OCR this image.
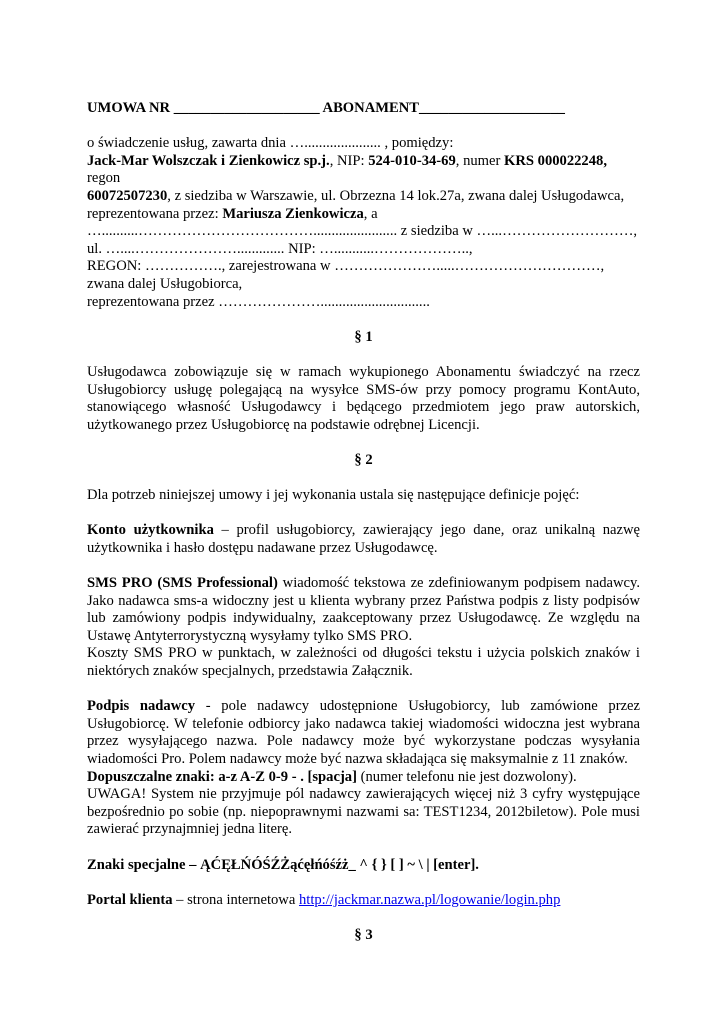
UMOWA NR ____________________ ABONAMENT____________________

o świadczenie usług, zawarta dnia …..................... , pomiędzy:

Jack-Mar Wolszczak i Zienkowicz sp.j., NIP: 524-010-34-69, numer KRS 000022248,

regon

60072507230, z siedziba w Warszawie, ul. Obrzezna 14 lok.27a, zwana dalej Usługodawca,

reprezentowana przez: Mariusza Zienkowicza, a

…..........………………………………....................... z siedziba w …...………………………,

ul. …....…………………............. NIP: …...........………………..,

REGON: ……………., zarejestrowana w ………………….....…………………………,

zwana dalej Usługobiorca,

reprezentowana przez …………………..............................

§ 1

Usługodawca zobowiązuje się w ramach wykupionego Abonamentu świadczyć na rzecz Usługobiorcy usługę polegającą na wysyłce SMS-ów przy pomocy programu KontAuto, stanowiącego własność Usługodawcy i będącego przedmiotem jego praw autorskich, użytkowanego przez Usługobiorcę na podstawie odrębnej Licencji.

§ 2

Dla potrzeb niniejszej umowy i jej wykonania ustala się następujące definicje pojęć:

Konto użytkownika – profil usługobiorcy, zawierający jego dane, oraz unikalną nazwę użytkownika i hasło dostępu nadawane przez Usługodawcę.

SMS PRO (SMS Professional) wiadomość tekstowa ze zdefiniowanym podpisem nadawcy. Jako nadawca sms-a widoczny jest u klienta wybrany przez Państwa podpis z listy podpisów lub zamówiony podpis indywidualny, zaakceptowany przez Usługodawcę. Ze względu na Ustawę Antyterrorystyczną wysyłamy tylko SMS PRO.

Koszty SMS PRO w punktach, w zależności od długości tekstu i użycia polskich znaków i niektórych znaków specjalnych, przedstawia Załącznik.

Podpis nadawcy - pole nadawcy udostępnione Usługobiorcy, lub zamówione przez Usługobiorcę. W telefonie odbiorcy jako nadawca takiej wiadomości widoczna jest wybrana przez wysyłającego nazwa. Pole nadawcy może być wykorzystane podczas wysyłania wiadomości Pro. Polem nadawcy może być nazwa składająca się maksymalnie z 11 znaków.

Dopuszczalne znaki: a-z A-Z 0-9 - . [spacja] (numer telefonu nie jest dozwolony).

UWAGA! System nie przyjmuje pól nadawcy zawierających więcej niż 3 cyfry występujące bezpośrednio po sobie (np. niepoprawnymi nazwami sa: TEST1234, 2012biletow). Pole musi zawierać przynajmniej jedna literę.

Znaki specjalne – ĄĆĘŁŃÓŚŹŻąćęłńóśźż_ ^ { } [ ] ~ \ | [enter].

Portal klienta – strona internetowa http://jackmar.nazwa.pl/logowanie/login.php

§ 3
